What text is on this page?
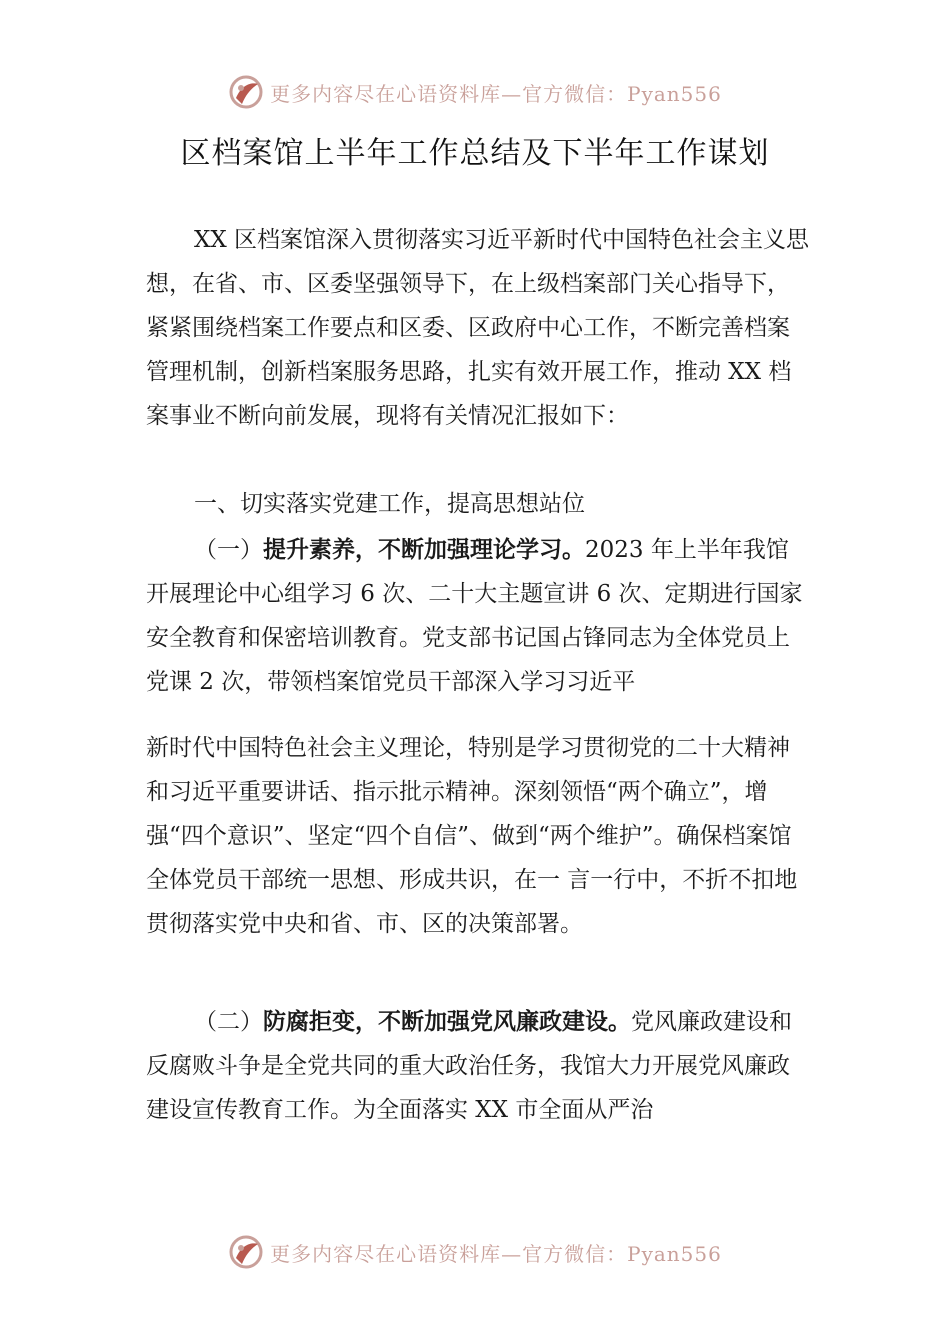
更多内容尽在心语资料库—官方微信：Pyan556
区档案馆上半年工作总结及下半年工作谋划

XX 区档案馆深入贯彻落实习近平新时代中国特色社会主义思想，在省、市、区委坚强领导下，在上级档案部门关心指导下，紧紧围绕档案工作要点和区委、区政府中心工作，不断完善档案管理机制，创新档案服务思路，扎实有效开展工作，推动 XX 档案事业不断向前发展，现将有关情况汇报如下：

一、切实落实党建工作，提高思想站位

（一）提升素养，不断加强理论学习。2023 年上半年我馆开展理论中心组学习 6 次、二十大主题宣讲 6 次、定期进行国家安全教育和保密培训教育。党支部书记国占锋同志为全体党员上党课 2 次，带领档案馆党员干部深入学习习近平

新时代中国特色社会主义理论，特别是学习贯彻党的二十大精神和习近平重要讲话、指示批示精神。深刻领悟“两个确立”，增强“四个意识”、坚定“四个自信”、做到“两个维护”。确保档案馆全体党员干部统一思想、形成共识，在一 言一行中，不折不扣地贯彻落实党中央和省、市、区的决策部署。

（二）防腐拒变，不断加强党风廉政建设。党风廉政建设和反腐败斗争是全党共同的重大政治任务，我馆大力开展党风廉政建设宣传教育工作。为全面落实 XX 市全面从严治

更多内容尽在心语资料库—官方微信：Pyan556
